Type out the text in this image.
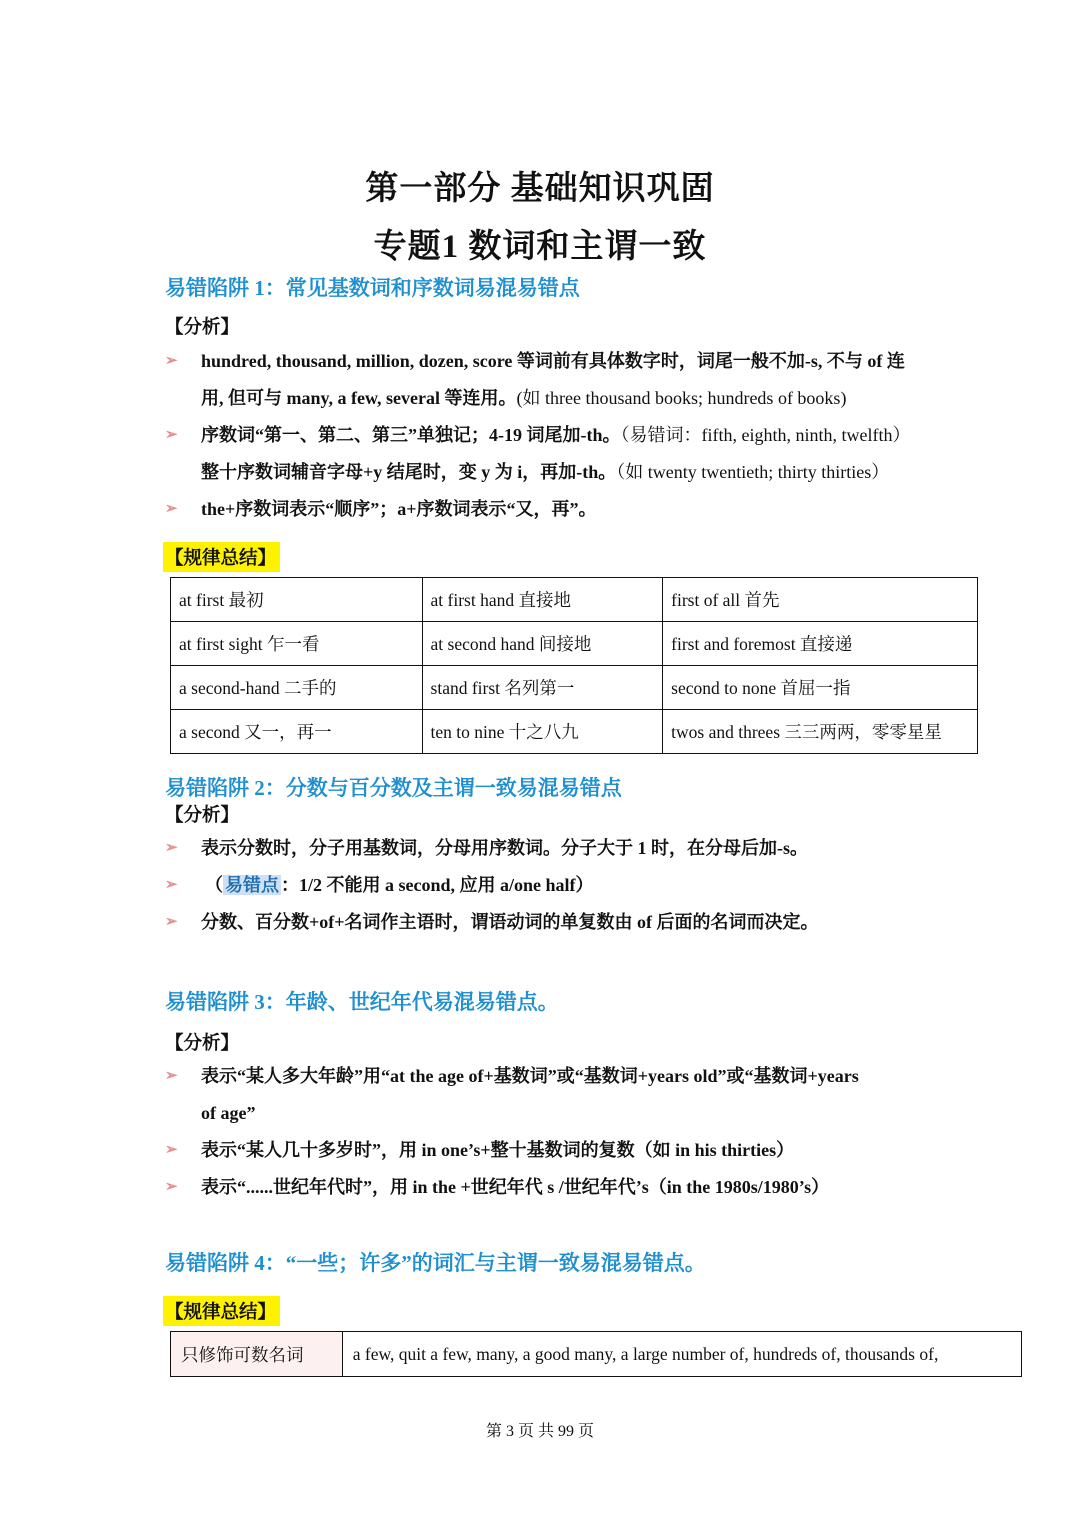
第一部分 基础知识巩固
专题1 数词和主谓一致
易错陷阱 1：常见基数词和序数词易混易错点
【分析】
➢ hundred, thousand, million, dozen, score 等词前有具体数字时，词尾一般不加-s, 不与 of 连
用, 但可与 many, a few, several 等连用。(如 three thousand books; hundreds of books)
➢ 序数词“第一、第二、第三”单独记；4-19 词尾加-th。（易错词：fifth, eighth, ninth, twelfth）
整十序数词辅音字母+y 结尾时，变 y 为 i，再加-th。（如 twenty twentieth; thirty thirties）
➢ the+序数词表示“顺序”；a+序数词表示“又，再”。
【规律总结】
at first 最初	at first hand 直接地	first of all 首先
at first sight 乍一看	at second hand 间接地	first and foremost 直接递
a second-hand 二手的	stand first 名列第一	second to none 首屈一指
a second 又一，再一	ten to nine 十之八九	twos and threes 三三两两，零零星星
易错陷阱 2：分数与百分数及主谓一致易混易错点
【分析】
➢ 表示分数时，分子用基数词，分母用序数词。分子大于 1 时，在分母后加-s。
➢ （ 易错点 ：1/2 不能用 a second, 应用 a/one half）
➢ 分数、百分数+of+名词作主语时，谓语动词的单复数由 of 后面的名词而决定。
易错陷阱 3：年龄、世纪年代易混易错点。
【分析】
➢ 表示“某人多大年龄”用“at the age of+基数词”或“基数词+years old”或“基数词+years
of age”
➢ 表示“某人几十多岁时”，用 in one’s+整十基数词的复数（如 in his thirties）
➢ 表示“......世纪年代时”，用 in the +世纪年代 s /世纪年代’s（in the 1980s/1980’s）
易错陷阱 4：“一些；许多”的词汇与主谓一致易混易错点。
【规律总结】
只修饰可数名词	a few, quit a few, many, a good many, a large number of, hundreds of, thousands of,
第 3 页 共 99 页
